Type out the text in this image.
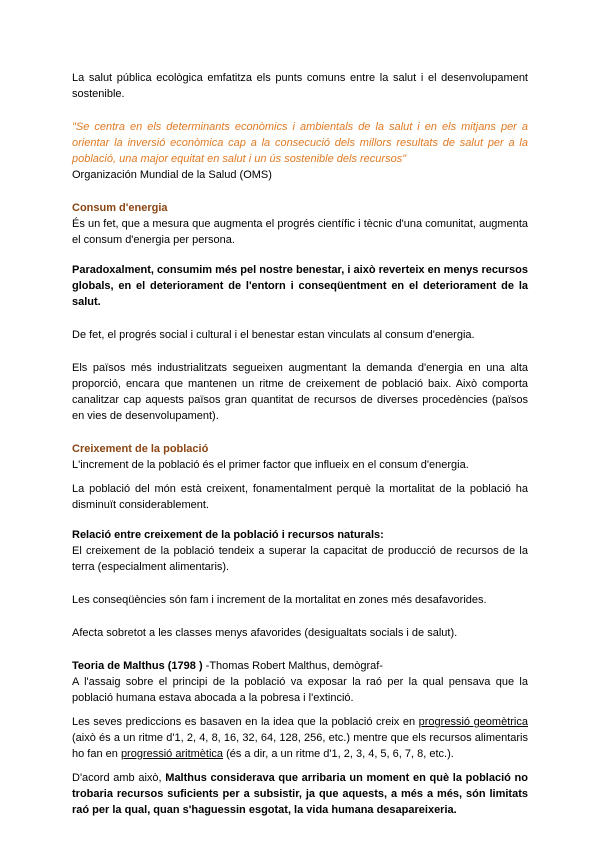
La salut pública ecològica emfatitza els punts comuns entre la salut i el desenvolupament sostenible.

"Se centra en els determinants econòmics i ambientals de la salut i en els mitjans per a orientar la inversió econòmica cap a la consecució dels millors resultats de salut per a la població, una major equitat en salut i un ús sostenible dels recursos"

Organización Mundial de la Salud (OMS)

Consum d'energia

És un fet, que a mesura que augmenta el progrés científic i tècnic d'una comunitat, augmenta el consum d'energia per persona.

Paradoxalment, consumim més pel nostre benestar, i això reverteix en menys recursos globals, en el deteriorament de l'entorn i conseqüentment en el deteriorament de la salut.

De fet, el progrés social i cultural i el benestar estan vinculats al consum d'energia.

Els països més industrialitzats segueixen augmentant la demanda d'energia en una alta proporció, encara que mantenen un ritme de creixement de població baix. Això comporta canalitzar cap aquests països gran quantitat de recursos de diverses procedències (països en vies de desenvolupament).

Creixement de la població

L'increment de la població és el primer factor que influeix en el consum d'energia.

La població del món està creixent, fonamentalment perquè la mortalitat de la població ha disminuït considerablement.

Relació entre creixement de la població i recursos naturals:

El creixement de la població tendeix a superar la capacitat de producció de recursos de la terra (especialment alimentaris).

Les conseqüències són fam i increment de la mortalitat en zones més desafavorides.

Afecta sobretot a les classes menys afavorides (desigualtats socials i de salut).

Teoria de Malthus (1798 ) -Thomas Robert Malthus, demògraf-

A l'assaig sobre el principi de la població va exposar la raó per la qual pensava que la població humana estava abocada a la pobresa i l'extinció.

Les seves prediccions es basaven en la idea que la població creix en progressió geomètrica (això és a un ritme d'1, 2, 4, 8, 16, 32, 64, 128, 256, etc.) mentre que els recursos alimentaris ho fan en progressió aritmètica (és a dir, a un ritme d'1, 2, 3, 4, 5, 6, 7, 8, etc.).

D'acord amb això, Malthus considerava que arribaria un moment en què la població no trobaria recursos suficients per a subsistir, ja que aquests, a més a més, són limitats raó per la qual, quan s'haguessin esgotat, la vida humana desapareixeria.
